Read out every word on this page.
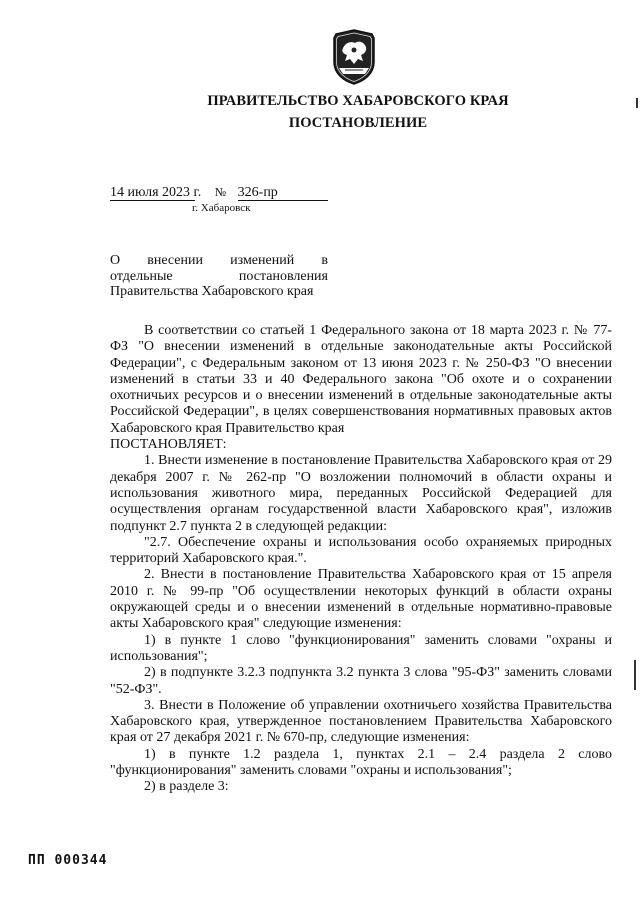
ПРАВИТЕЛЬСТВО ХАБАРОВСКОГО КРАЯ
ПОСТАНОВЛЕНИЕ
14 июля 2023 г. № 326-пр
г. Хабаровск
О внесении изменений в
отдельные	постановления
Правительства Хабаровского края

В соответствии со статьей 1 Федерального закона от 18 марта 2023 г. № 77-ФЗ "О внесении изменений в отдельные законодательные акты Российской Федерации", с Федеральным законом от 13 июня 2023 г. № 250-ФЗ "О внесении изменений в статьи 33 и 40 Федерального закона "Об охоте и о сохранении охотничьих ресурсов и о внесении изменений в отдельные законодательные акты Российской Федерации", в целях совершенствования нормативных правовых актов Хабаровского края Правительство края

ПОСТАНОВЛЯЕТ:

1. Внести изменение в постановление Правительства Хабаровского края от 29 декабря 2007 г. № 262-пр "О возложении полномочий в области охраны и использования животного мира, переданных Российской Федерацией для осуществления органам государственной власти Хабаровского края", изложив подпункт 2.7 пункта 2 в следующей редакции:

"2.7. Обеспечение охраны и использования особо охраняемых природных территорий Хабаровского края.".

2. Внести в постановление Правительства Хабаровского края от 15 апреля 2010 г. № 99-пр "Об осуществлении некоторых функций в области охраны окружающей среды и о внесении изменений в отдельные нормативно-правовые акты Хабаровского края" следующие изменения:

1) в пункте 1 слово "функционирования" заменить словами "охраны и использования";

2) в подпункте 3.2.3 подпункта 3.2 пункта 3 слова "95-ФЗ" заменить словами "52-ФЗ".

3. Внести в Положение об управлении охотничьего хозяйства Правительства Хабаровского края, утвержденное постановлением Правительства Хабаровского края от 27 декабря 2021 г. № 670-пр, следующие изменения:

1) в пункте 1.2 раздела 1, пунктах 2.1 – 2.4 раздела 2 слово "функционирования" заменить словами "охраны и использования";

2) в разделе 3:

ПП 000344
